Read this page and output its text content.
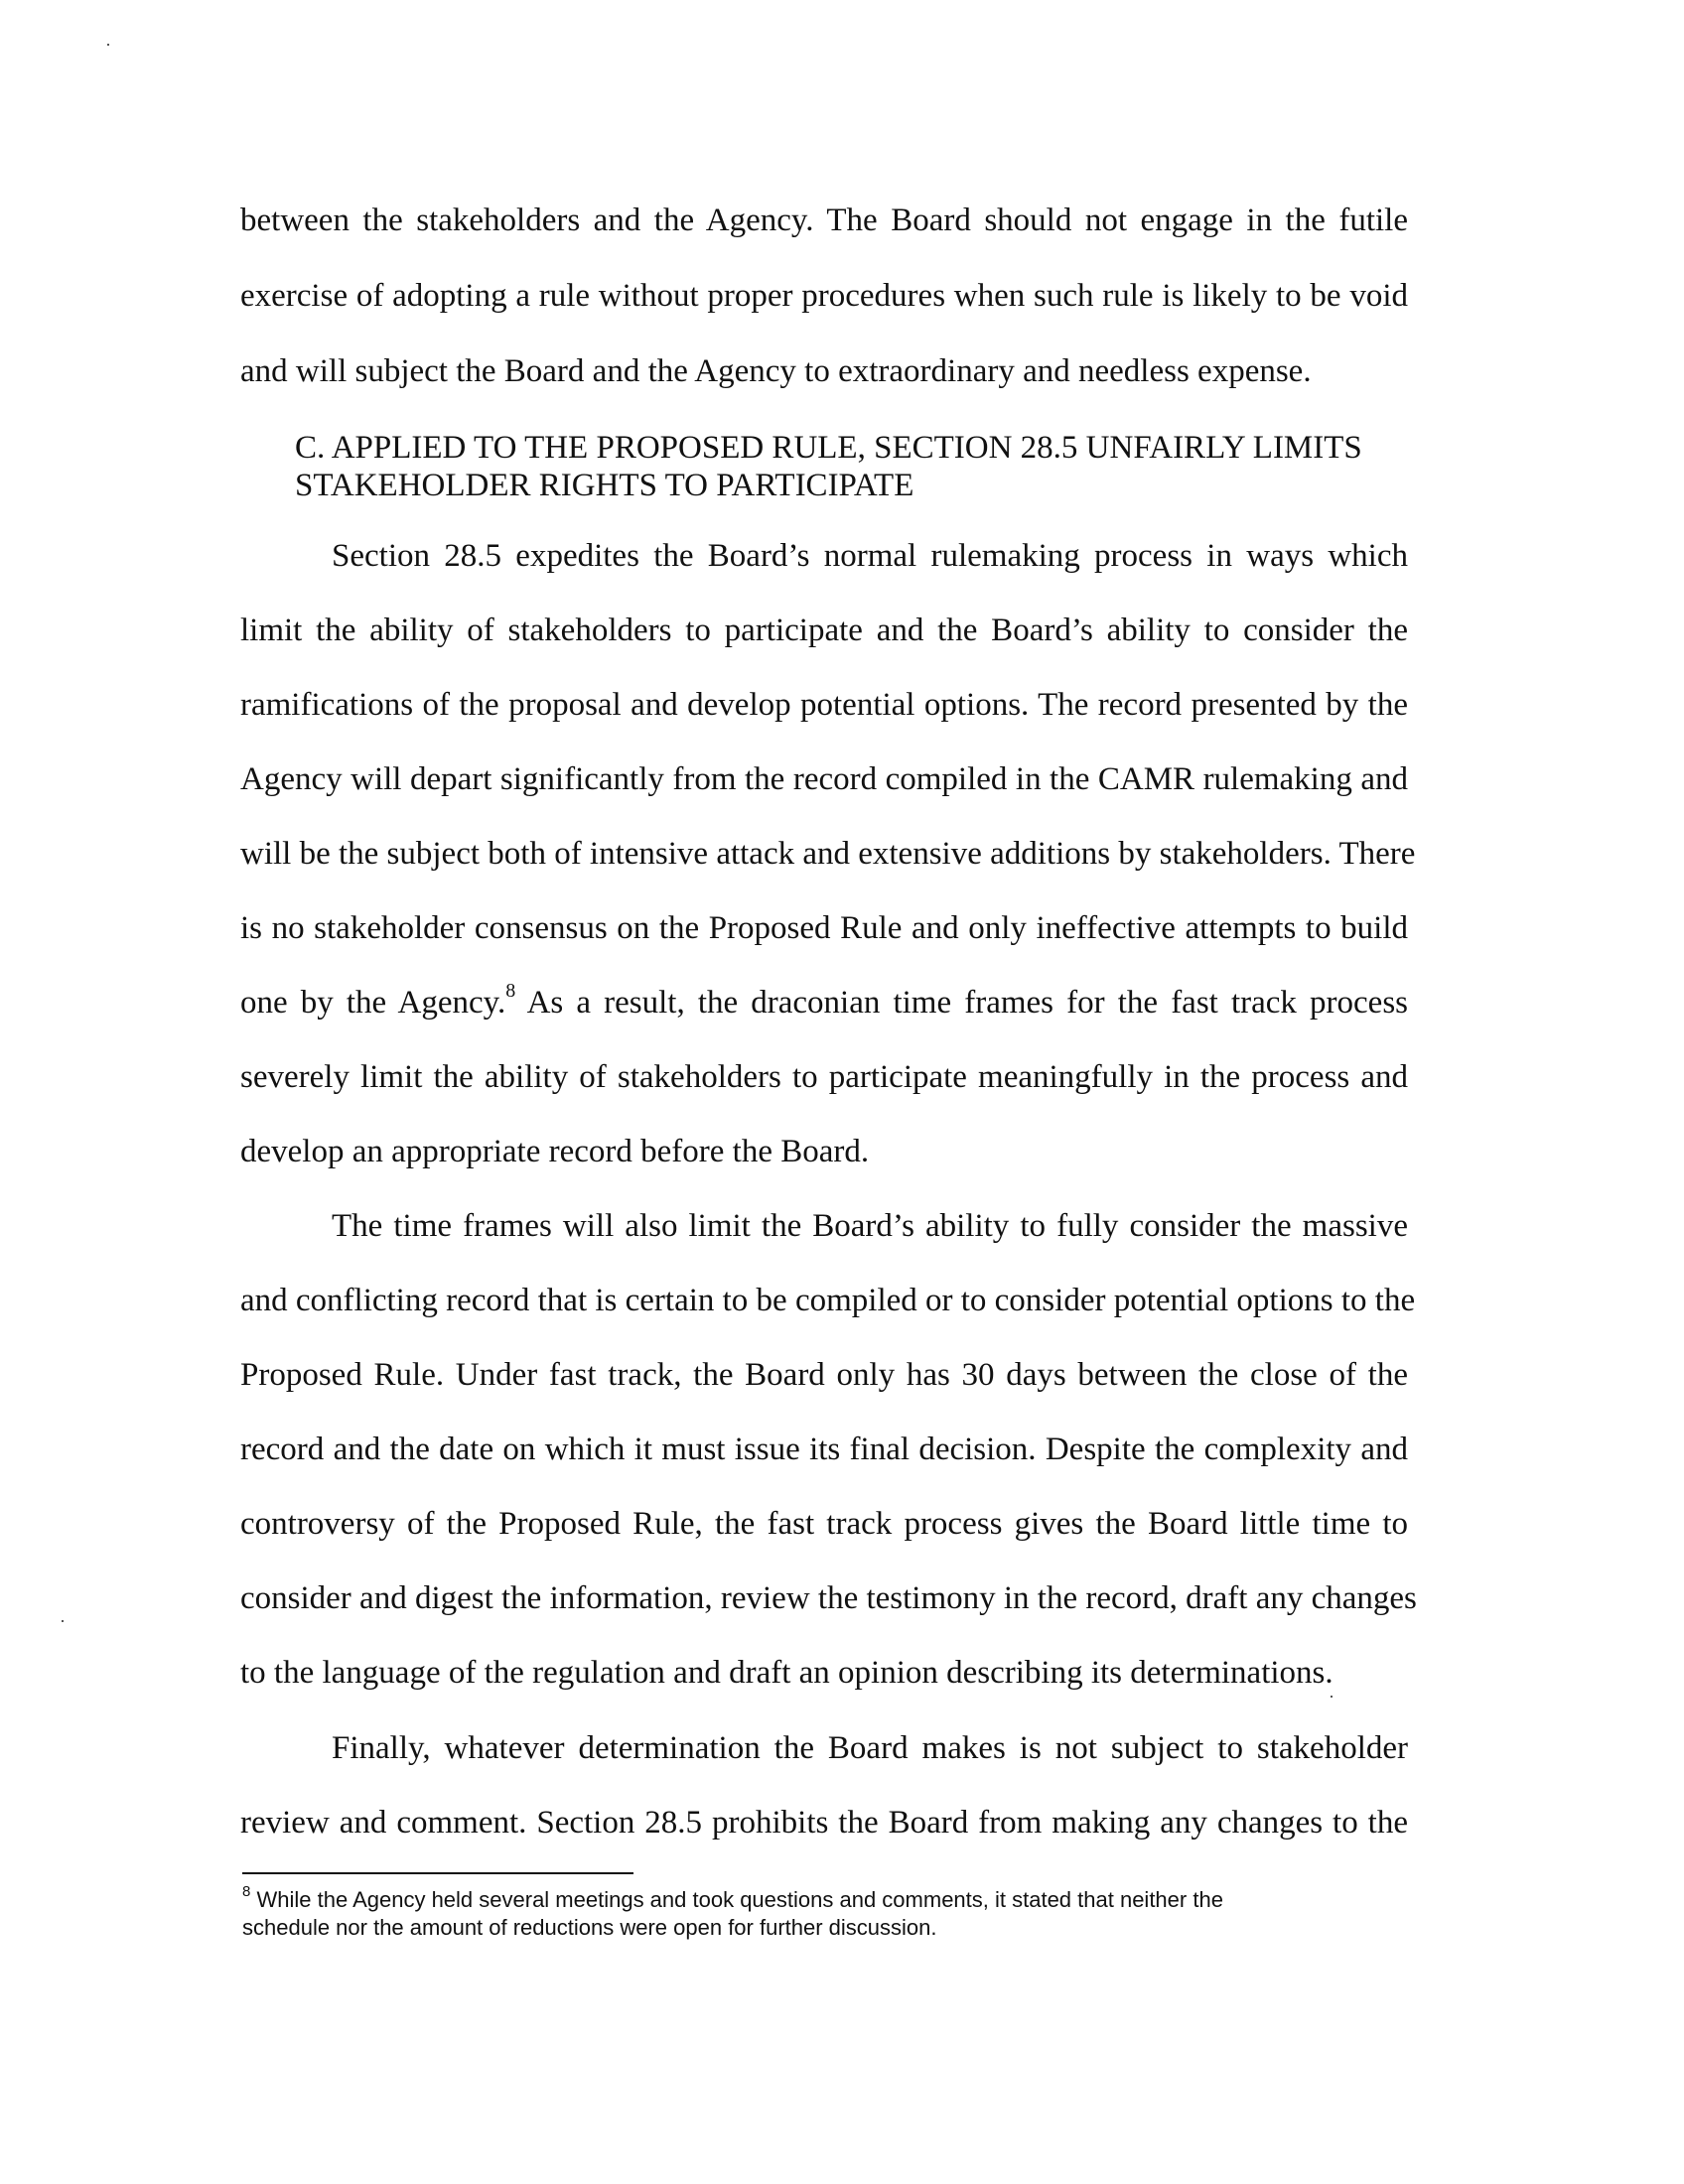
between the stakeholders and the Agency. The Board should not engage in the futile

exercise of adopting a rule without proper procedures when such rule is likely to be void

and will subject the Board and the Agency to extraordinary and needless expense.

C. APPLIED TO THE PROPOSED RULE, SECTION 28.5 UNFAIRLY LIMITS

STAKEHOLDER RIGHTS TO PARTICIPATE

Section 28.5 expedites the Board’s normal rulemaking process in ways which

limit the ability of stakeholders to participate and the Board’s ability to consider the

ramifications of the proposal and develop potential options. The record presented by the

Agency will depart significantly from the record compiled in the CAMR rulemaking and

will be the subject both of intensive attack and extensive additions by stakeholders. There

is no stakeholder consensus on the Proposed Rule and only ineffective attempts to build

one by the Agency.$^8$ As a result, the draconian time frames for the fast track process

severely limit the ability of stakeholders to participate meaningfully in the process and

develop an appropriate record before the Board.

The time frames will also limit the Board’s ability to fully consider the massive

and conflicting record that is certain to be compiled or to consider potential options to the

Proposed Rule. Under fast track, the Board only has 30 days between the close of the

record and the date on which it must issue its final decision. Despite the complexity and

controversy of the Proposed Rule, the fast track process gives the Board little time to

consider and digest the information, review the testimony in the record, draft any changes

to the language of the regulation and draft an opinion describing its determinations.

Finally, whatever determination the Board makes is not subject to stakeholder

review and comment. Section 28.5 prohibits the Board from making any changes to the

$^8$ While the Agency held several meetings and took questions and comments, it stated that neither the
schedule nor the amount of reductions were open for further discussion.
